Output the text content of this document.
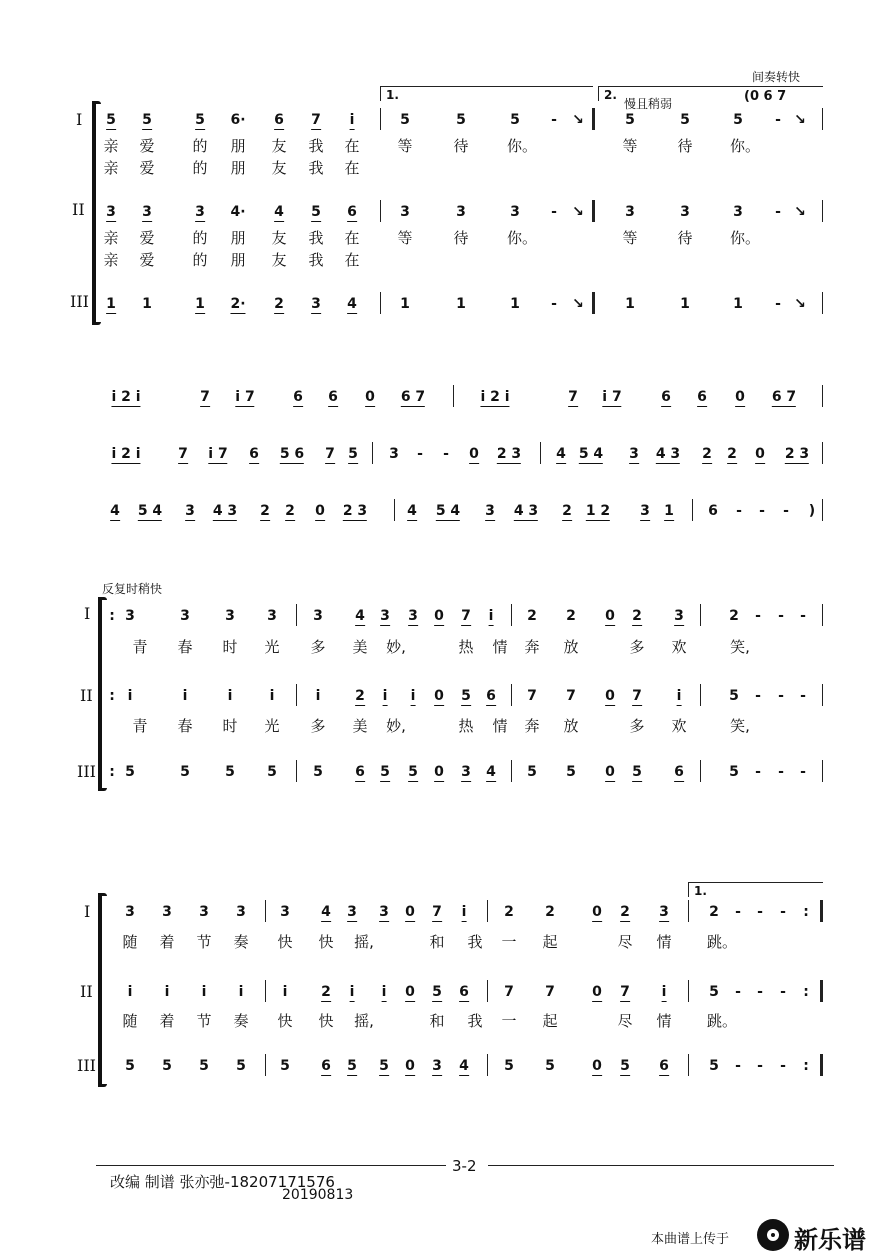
间奏转快
1.	2.
慢且稍弱	(0 6 7
I
II
III
5 5	5 6· 6 7 i	5	5	5 - ↘	5	5	5 - ↘
亲 爱	的 朋 友 我 在	等	待	你。	等	待 你。
亲 爱	的 朋 友 我 在
3 3	3 4· 4 5 6	3	3	3 - ↘	3	3	3 - ↘
亲 爱	的 朋 友 我 在	等	待	你。	等	待 你。
亲 爱	的 朋 友 我 在
1 1	1 2· 2 3 4	1	1	1 - ↘	1	1	1 - ↘
i 2 i	7 i 7	6 6 0 6 7	i 2 i	7 i 7	6 6 0 6 7
i 2 i	7 i 7 6 5 6 7 5 3 - - 0 2 3 4 5 4 3 4 3 2 2 0 2 3
4 5 4 3 4 3 2 2 0 2 3	4 5 4 3 4 3 2 1 2 3 1 6 - - - )
反复时稍快
I
II
III
: 3	3	3 3	3 4 3 3 0 7 i 2 2 0 2 3	2 - - -
青 春 时 光 多 美 妙,	热 情 奔 放	多 欢	笑,
: i	i	i	i	i 2 i i 0 5 6 7 7 0 7 i	5 - - -
青 春 时 光 多 美 妙,	热 情 奔 放	多 欢	笑,
: 5	5	5 5	5 6 5 5 0 3 4 5 5 0 5 6	5 - - -
1.
I
II
III
3 3 3 3 3 4 3 3 0 7 i	2 2	0 2 3	2 - - - :
随 着 节 奏 快 快 摇,	和 我 一 起	尽 情 跳。
i i i i	i 2 i i 0 5 6	7 7	0 7 i	5 - - - :
随 着 节 奏 快 快 摇,	和 我 一 起	尽 情 跳。
5 5 5 5 5 6 5 5 0 3 4	5 5	0 5 6	5 - - - :
3-2
改编 制谱 张亦弛-18207171576
20190813
本曲谱上传于	新乐谱
